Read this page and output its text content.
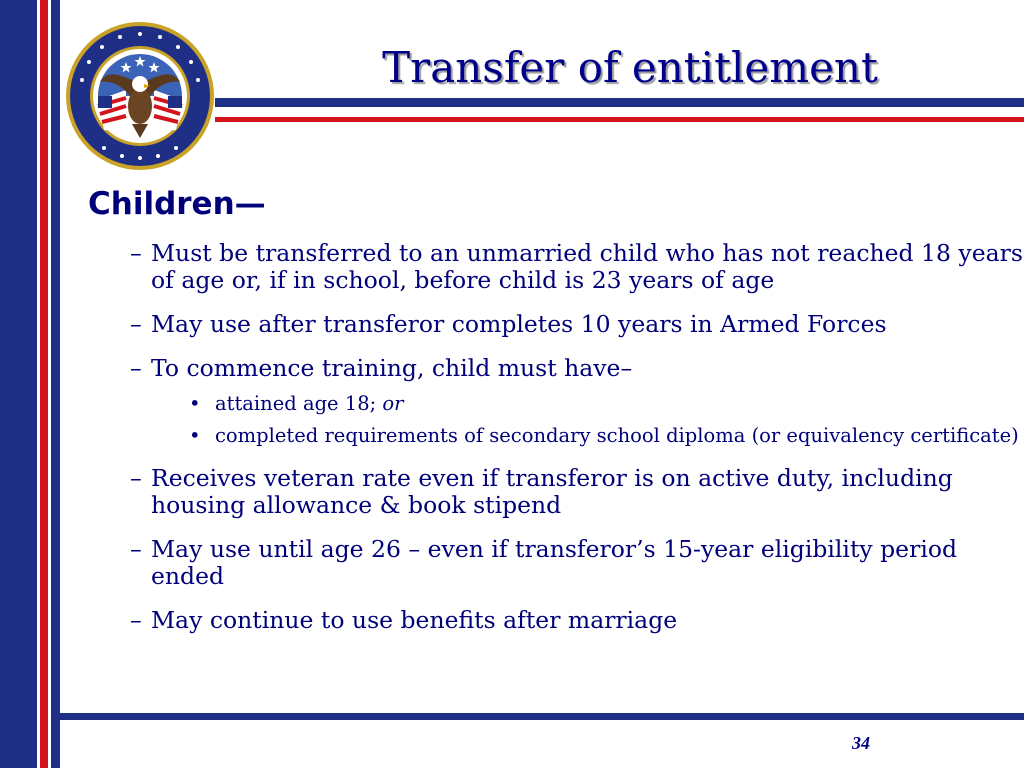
Transfer of entitlement
Children—
– Must be transferred to an unmarried child who has not reached 18 years of age or, if in school, before child is 23 years of age
– May use after transferor completes 10 years in Armed Forces
– To commence training, child must have–
• attained age 18; or
• completed requirements of secondary school diploma (or equivalency certificate)
– Receives veteran rate even if transferor is on active duty, including housing allowance & book stipend
– May use until age 26 – even if transferor’s 15-year eligibility period ended
– May continue to use benefits after marriage
34
